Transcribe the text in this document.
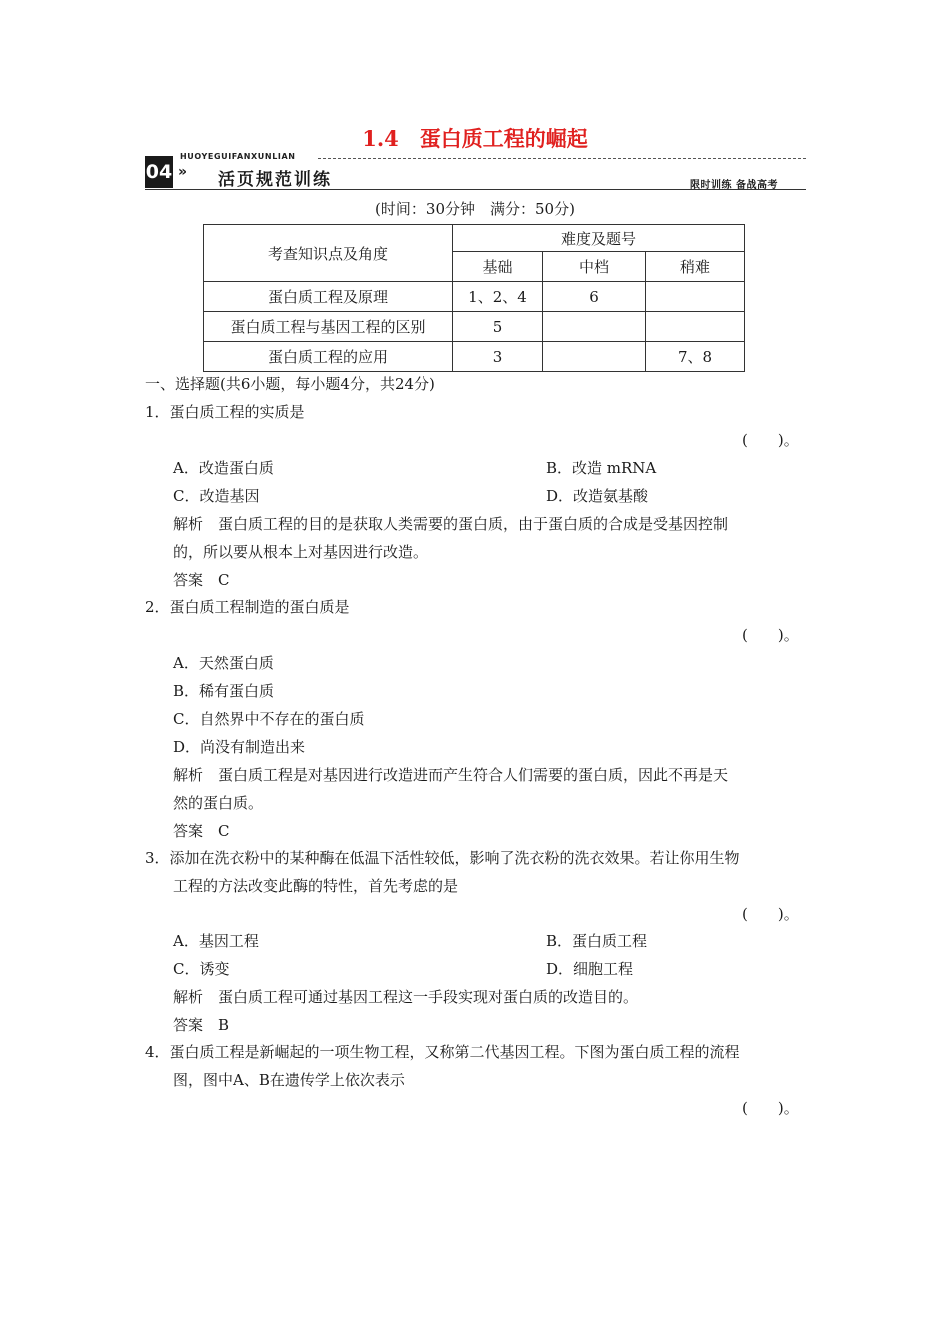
1.4　蛋白质工程的崛起
HUOYEGUIFANXUNLIAN
04 » 活页规范训练	限时训练 备战高考
(时间：30分钟　满分：50分)
考查知识点及角度	难度及题号		
	基础	中档	稍难
蛋白质工程及原理	1、2、4	6	
蛋白质工程与基因工程的区别	5		
蛋白质工程的应用	3		7、8
一、选择题(共6小题，每小题4分，共24分)
1．蛋白质工程的实质是
(　　)。
A．改造蛋白质	B．改造 mRNA
C．改造基因	D．改造氨基酸
解析　蛋白质工程的目的是获取人类需要的蛋白质，由于蛋白质的合成是受基因控制
的，所以要从根本上对基因进行改造。
答案　C
2．蛋白质工程制造的蛋白质是
(　　)。
A．天然蛋白质
B．稀有蛋白质
C．自然界中不存在的蛋白质
D．尚没有制造出来
解析　蛋白质工程是对基因进行改造进而产生符合人们需要的蛋白质，因此不再是天
然的蛋白质。
答案　C
3．添加在洗衣粉中的某种酶在低温下活性较低，影响了洗衣粉的洗衣效果。若让你用生物
工程的方法改变此酶的特性，首先考虑的是
(　　)。
A．基因工程	B．蛋白质工程
C．诱变	D．细胞工程
解析　蛋白质工程可通过基因工程这一手段实现对蛋白质的改造目的。
答案　B
4．蛋白质工程是新崛起的一项生物工程，又称第二代基因工程。下图为蛋白质工程的流程
图，图中A、B在遗传学上依次表示
(　　)。
